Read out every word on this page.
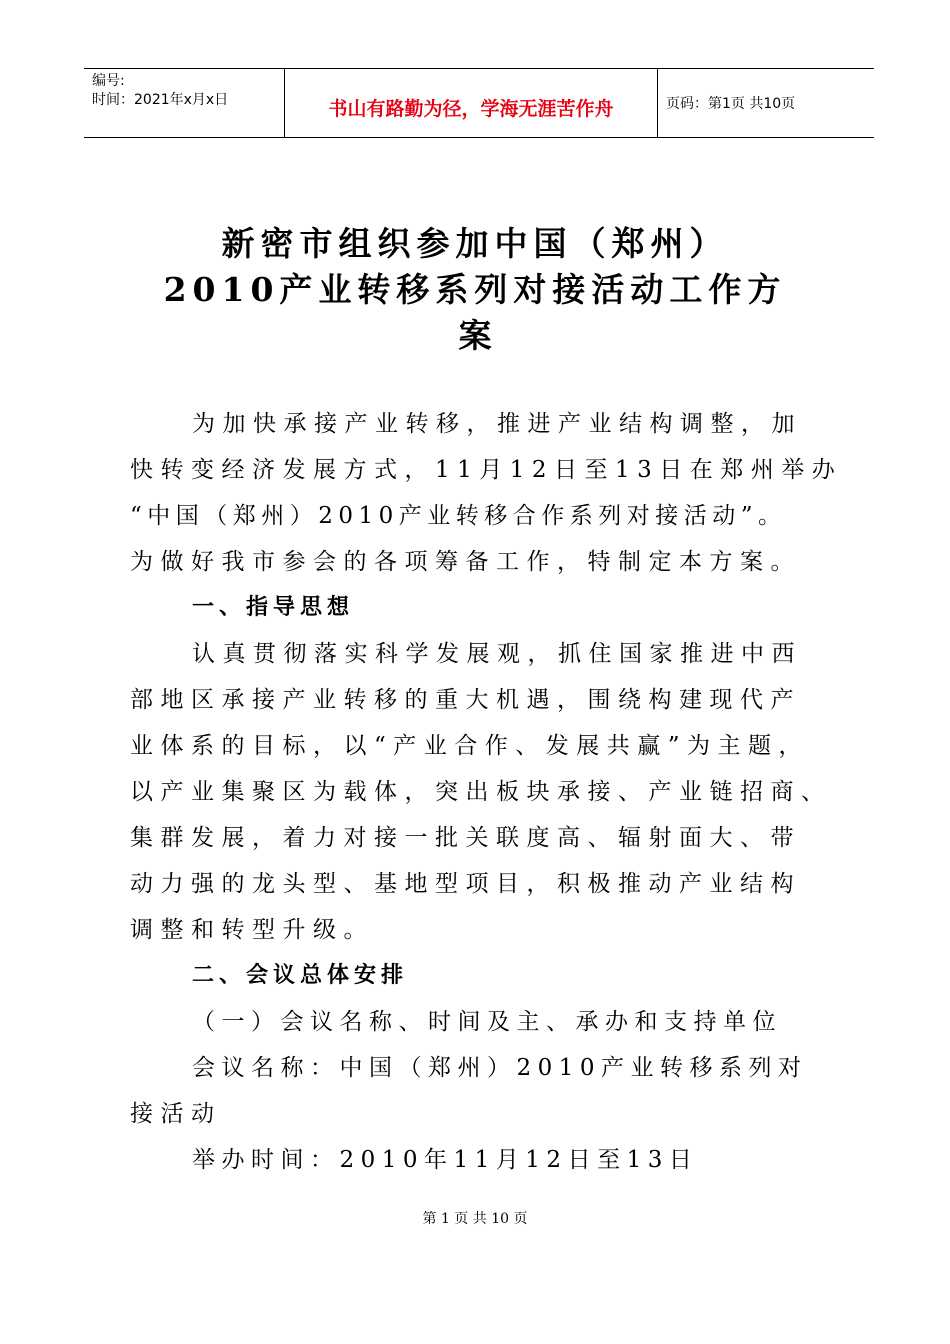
编号:
时间：2021年x月x日	书山有路勤为径，学海无涯苦作舟	页码：第1页 共10页
新密市组织参加中国（郑州）
2010产业转移系列对接活动工作方
案
为加快承接产业转移，推进产业结构调整，加
快转变经济发展方式，11月12日至13日在郑州举办
“中国（郑州）2010产业转移合作系列对接活动”。
为做好我市参会的各项筹备工作，特制定本方案。
一、指导思想
认真贯彻落实科学发展观，抓住国家推进中西
部地区承接产业转移的重大机遇，围绕构建现代产
业体系的目标，以“产业合作、发展共赢”为主题，
以产业集聚区为载体，突出板块承接、产业链招商、
集群发展，着力对接一批关联度高、辐射面大、带
动力强的龙头型、基地型项目，积极推动产业结构
调整和转型升级。
二、会议总体安排
（一）会议名称、时间及主、承办和支持单位
会议名称：中国（郑州）2010产业转移系列对
接活动
举办时间：2010年11月12日至13日
第 1 页 共 10 页
